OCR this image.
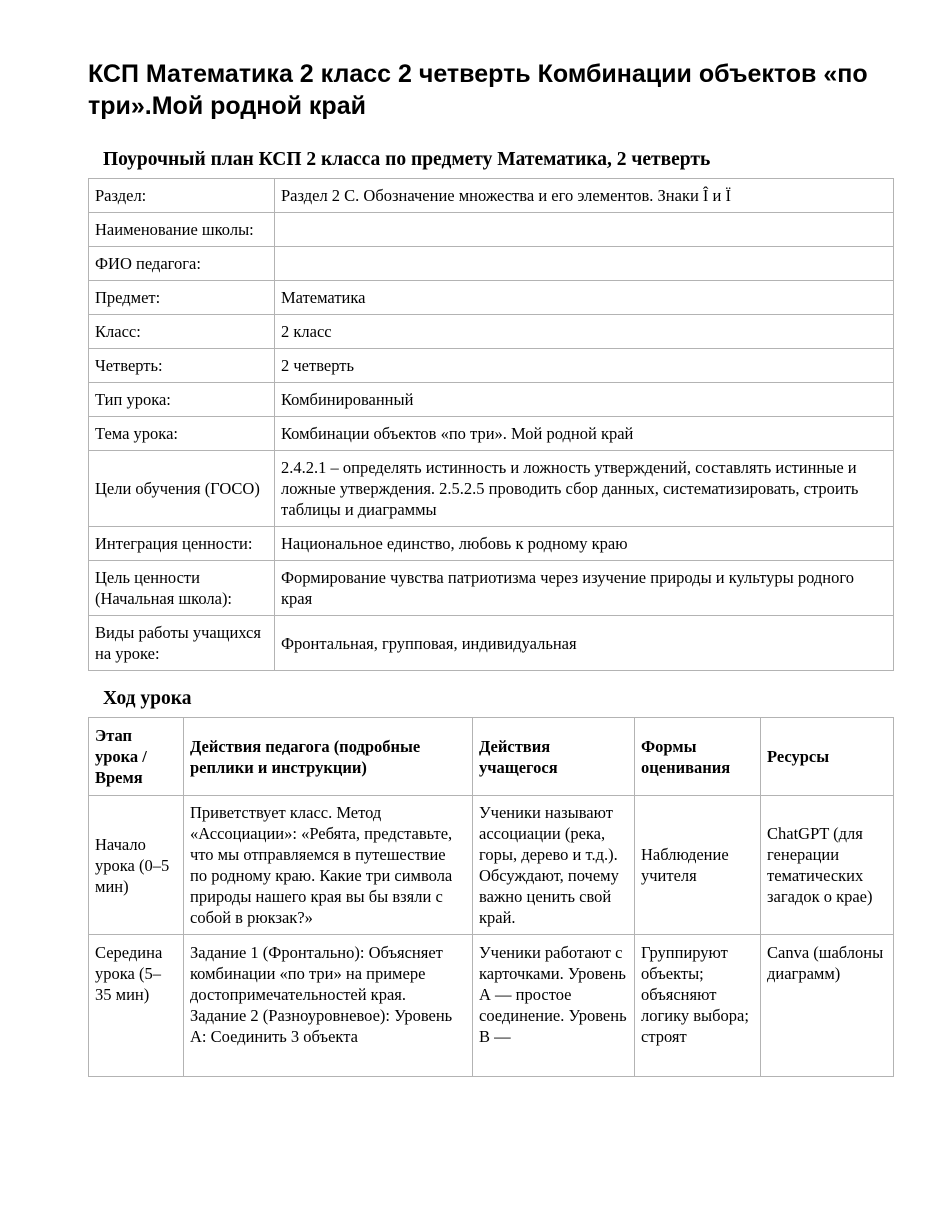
КСП Математика 2 класс 2 четверть Комбинации объектов «по три».Мой родной край
Поурочный план КСП 2 класса по предмету Математика, 2 четверть
Раздел:	Раздел 2 С. Обозначение множества и его элементов. Знаки Î и Ï
Наименование школы:	
ФИО педагога:	
Предмет:	Математика
Класс:	2 класс
Четверть:	2 четверть
Тип урока:	Комбинированный
Тема урока:	Комбинации объектов «по три». Мой родной край
Цели обучения (ГОСО)	2.4.2.1 – определять истинность и ложность утверждений, составлять истинные и ложные утверждения. 2.5.2.5 проводить сбор данных, систематизировать, строить таблицы и диаграммы
Интеграция ценности:	Национальное единство, любовь к родному краю
Цель ценности (Начальная школа):	Формирование чувства патриотизма через изучение природы и культуры родного края
Виды работы учащихся на уроке:	Фронтальная, групповая, индивидуальная
Ход урока
Этап урока / Время	Действия педагога (подробные реплики и инструкции)	Действия учащегося	Формы оценивания	Ресурсы
Начало урока (0–5 мин)	Приветствует класс. Метод «Ассоциации»: «Ребята, представьте, что мы отправляемся в путешествие по родному краю. Какие три символа природы нашего края вы бы взяли с собой в рюкзак?»	Ученики называют ассоциации (река, горы, дерево и т.д.). Обсуждают, почему важно ценить свой край.	Наблюдение учителя	ChatGPT (для генерации тематических загадок о крае)

Середина урока (5–35 мин)	Задание 1 (Фронтально): Объясняет комбинации «по три» на примере достопримечательностей края. Задание 2 (Разноуровневое): Уровень А: Соединить 3 объекта	Ученики работают с карточками. Уровень А — простое соединение. Уровень В —	Группируют объекты; объясняют логику выбора; строят	Canva (шаблоны диаграмм)
